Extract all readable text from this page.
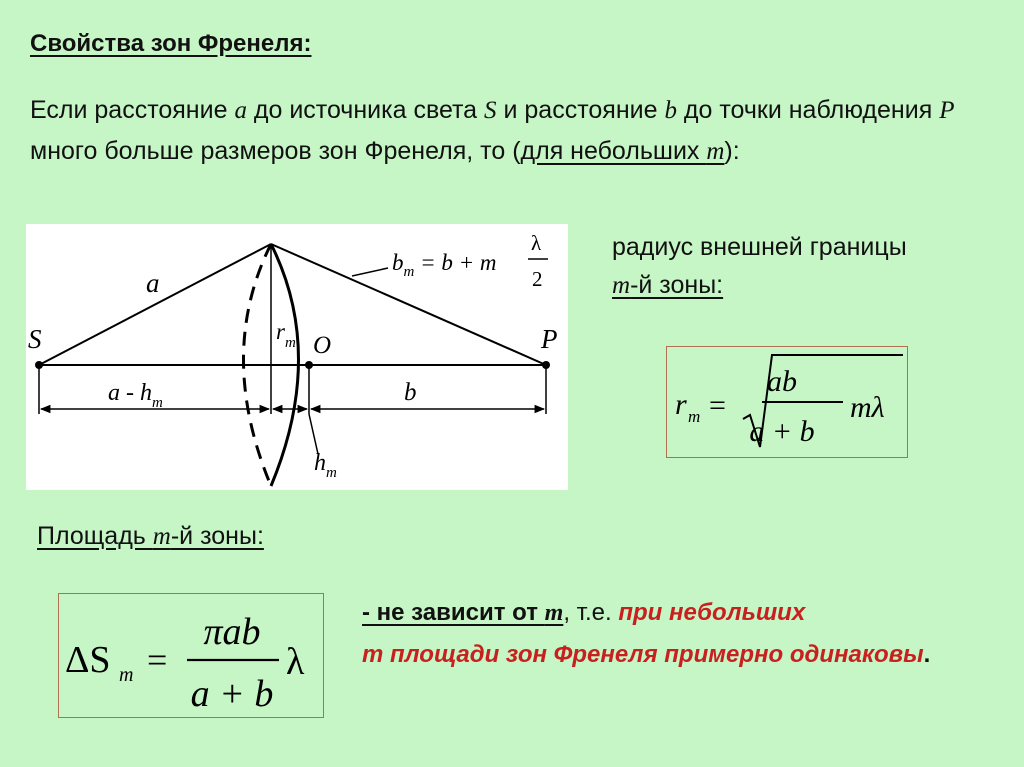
Свойства зон Френеля:
Если расстояние a до источника света S и расстояние b до точки наблюдения P много больше размеров зон Френеля, то (для небольших m):
S	P
O
a
$r_m$
a - $h_m$	b
$h_m$
$b_m = b + m$
λ
2
радиус внешней границы
m-й зоны:
r m =
ab
a + b
mλ
Площадь m-й зоны:
ΔS m =
πab
a + b
λ
- не зависит от m, т.е. при небольших
m площади зон Френеля примерно одинаковы.
